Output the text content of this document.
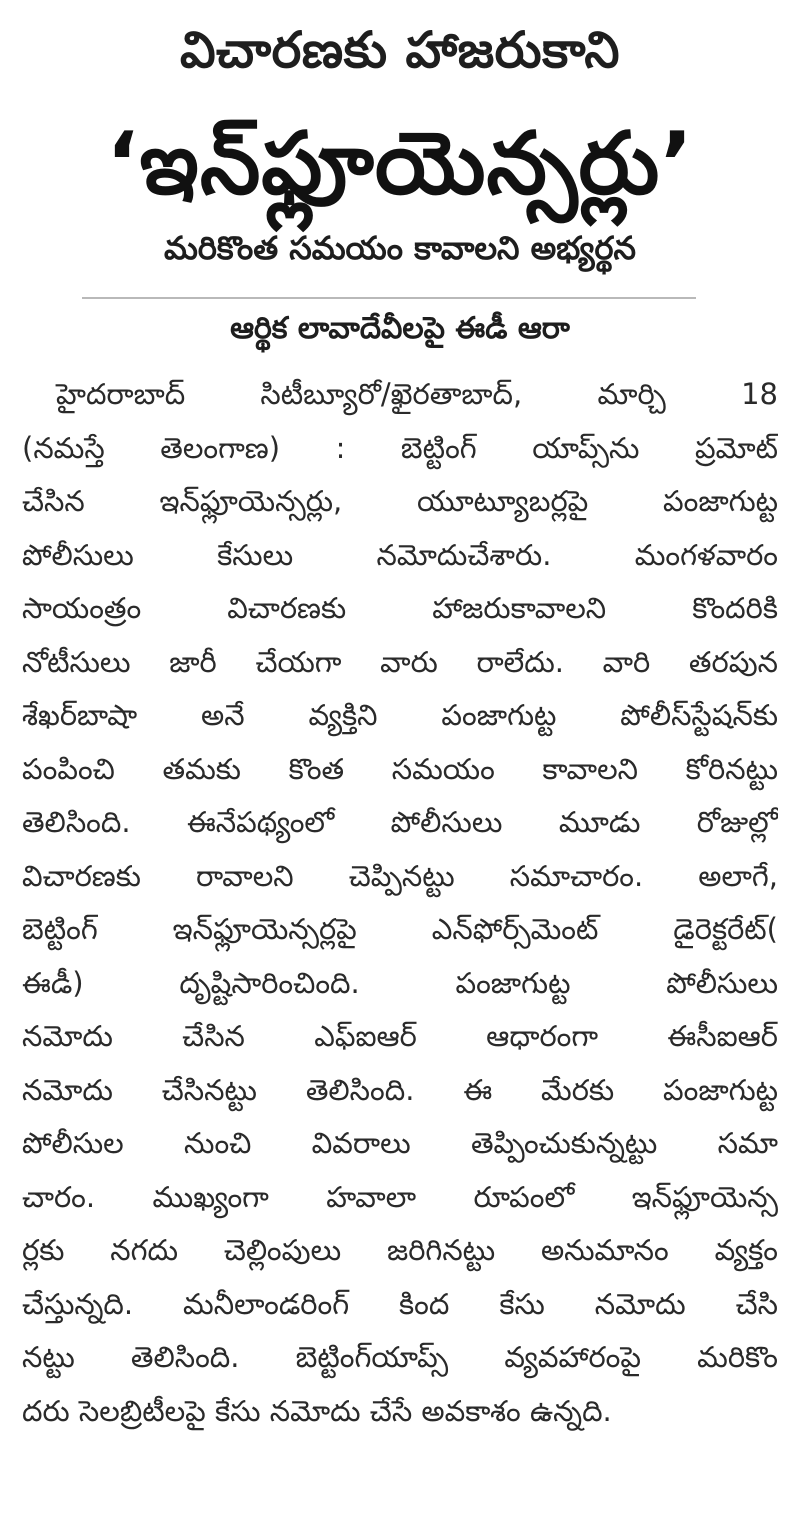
విచారణకు హాజరుకాని
‘ఇన్‌ఫ్లూయెన్సర్లు’
మరికొంత సమయం కావాలని అభ్యర్థన
ఆర్థిక లావాదేవీలపై ఈడీ ఆరా
హైదరాబాద్ సిటీబ్యూరో/ఖైరతాబాద్, మార్చి 18
(నమస్తే తెలంగాణ) : బెట్టింగ్ యాప్స్‌ను ప్రమోట్
చేసిన ఇన్‌ఫ్లూయెన్సర్లు, యూట్యూబర్లపై పంజాగుట్ట
పోలీసులు కేసులు నమోదుచేశారు. మంగళవారం
సాయంత్రం విచారణకు హాజరుకావాలని కొందరికి
నోటీసులు జారీ చేయగా వారు రాలేదు. వారి తరపున
శేఖర్‌బాషా అనే వ్యక్తిని పంజాగుట్ట పోలీస్‌స్టేషన్‌కు
పంపించి తమకు కొంత సమయం కావాలని కోరినట్టు
తెలిసింది. ఈనేపథ్యంలో పోలీసులు మూడు రోజుల్లో
విచారణకు రావాలని చెప్పినట్టు సమాచారం. అలాగే,
బెట్టింగ్ ఇన్‌ఫ్లూయెన్సర్లపై ఎన్‌ఫోర్స్‌మెంట్ డైరెక్టరేట్(
ఈడీ) దృష్టిసారించింది. పంజాగుట్ట పోలీసులు
నమోదు చేసిన ఎఫ్ఐఆర్ ఆధారంగా ఈసీఐఆర్
నమోదు చేసినట్టు తెలిసింది. ఈ మేరకు పంజాగుట్ట
పోలీసుల నుంచి వివరాలు తెప్పించుకున్నట్టు సమా
చారం. ముఖ్యంగా హవాలా రూపంలో ఇన్‌ఫ్లూయెన్స
ర్లకు నగదు చెల్లింపులు జరిగినట్టు అనుమానం వ్యక్తం
చేస్తున్నది. మనీలాండరింగ్ కింద కేసు నమోదు చేసి
నట్టు తెలిసింది. బెట్టింగ్‌యాప్స్ వ్యవహారంపై మరికొం
దరు సెలబ్రిటీలపై కేసు నమోదు చేసే అవకాశం ఉన్నది.
